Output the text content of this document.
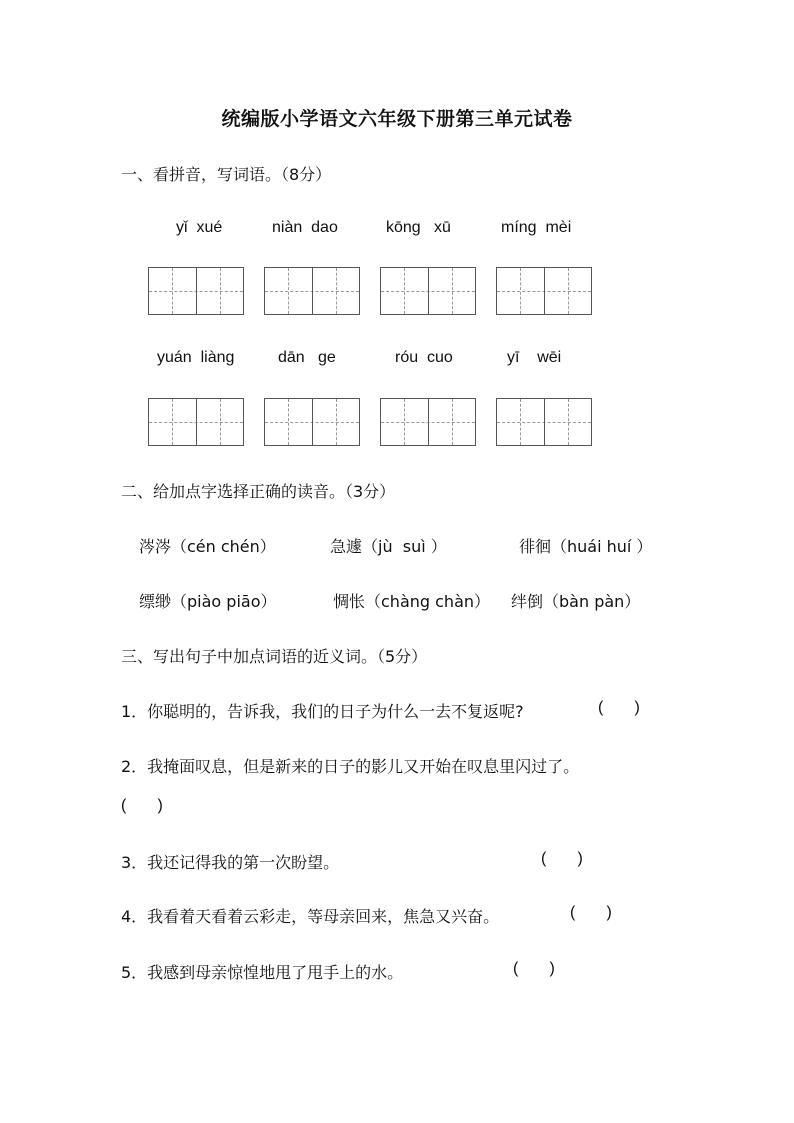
统编版小学语文六年级下册第三单元试卷
一、看拼音，写词语。（8分）
yǐ  xué	niàn  dao	kōng   xū	míng  mèi
yuán  liàng	dān   ge	róu  cuo	yī    wēi
二、给加点字选择正确的读音。（3分）
涔涔（cén chén）	急遽（jù  suì ）	徘徊（huái huí ）
缥缈（piào piāo）	惆怅（chàng chàn） 绊倒（bàn pàn）
三、写出句子中加点词语的近义词。（5分）
1．你聪明的，告诉我，我们的日子为什么一去不复返呢?	(       )
2．我掩面叹息，但是新来的日子的影儿又开始在叹息里闪过了。
(       )
3．我还记得我的第一次盼望。	(       )
4．我看着天看着云彩走，等母亲回来，焦急又兴奋。	(       )
5．我感到母亲惊惶地甩了甩手上的水。	(       )
